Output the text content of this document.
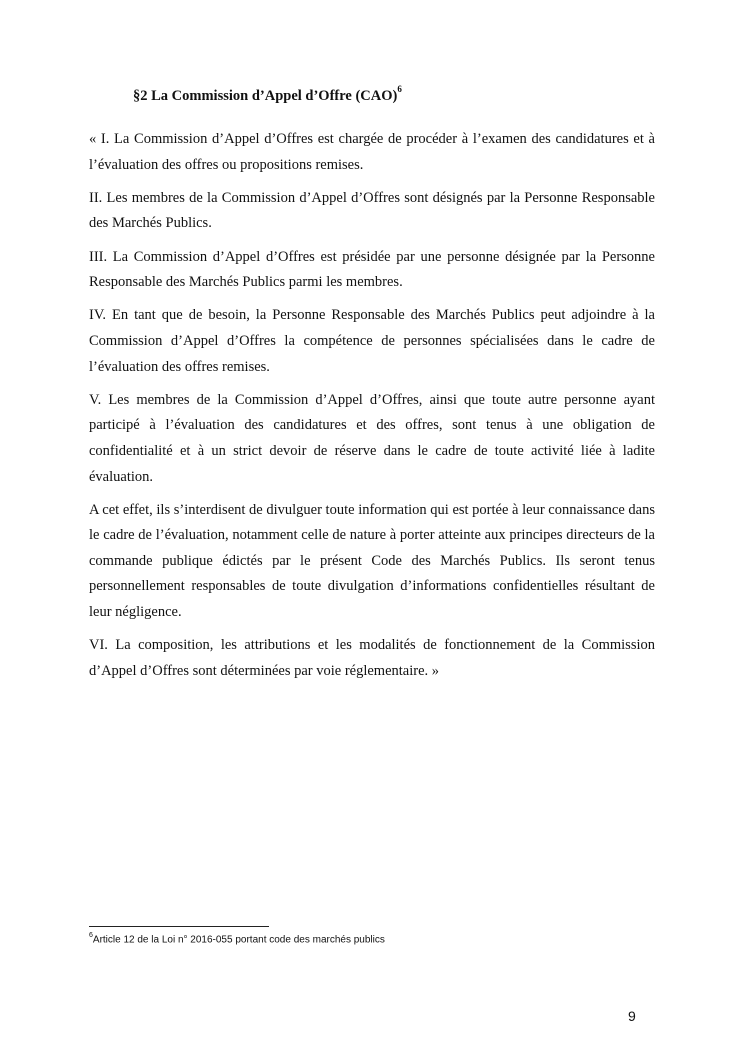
§2 La Commission d’Appel d’Offre (CAO)$^6$

« I. La Commission d’Appel d’Offres est chargée de procéder à l’examen des candidatures et à l’évaluation des offres ou propositions remises.

II. Les membres de la Commission d’Appel d’Offres sont désignés par la Personne Responsable des Marchés Publics.

III. La Commission d’Appel d’Offres est présidée par une personne désignée par la Personne Responsable des Marchés Publics parmi les membres.

IV. En tant que de besoin, la Personne Responsable des Marchés Publics peut adjoindre à la Commission d’Appel d’Offres la compétence de personnes spécialisées dans le cadre de l’évaluation des offres remises.

V. Les membres de la Commission d’Appel d’Offres, ainsi que toute autre personne ayant participé à l’évaluation des candidatures et des offres, sont tenus à une obligation de confidentialité et à un strict devoir de réserve dans le cadre de toute activité liée à ladite évaluation.

A cet effet, ils s’interdisent de divulguer toute information qui est portée à leur connaissance dans le cadre de l’évaluation, notamment celle de nature à porter atteinte aux principes directeurs de la commande publique édictés par le présent Code des Marchés Publics. Ils seront tenus personnellement responsables de toute divulgation d’informations confidentielles résultant de leur négligence.

VI. La composition, les attributions et les modalités de fonctionnement de la Commission d’Appel d’Offres sont déterminées par voie réglementaire. »

$^6$Article 12 de la Loi n° 2016-055 portant code des marchés publics
9
